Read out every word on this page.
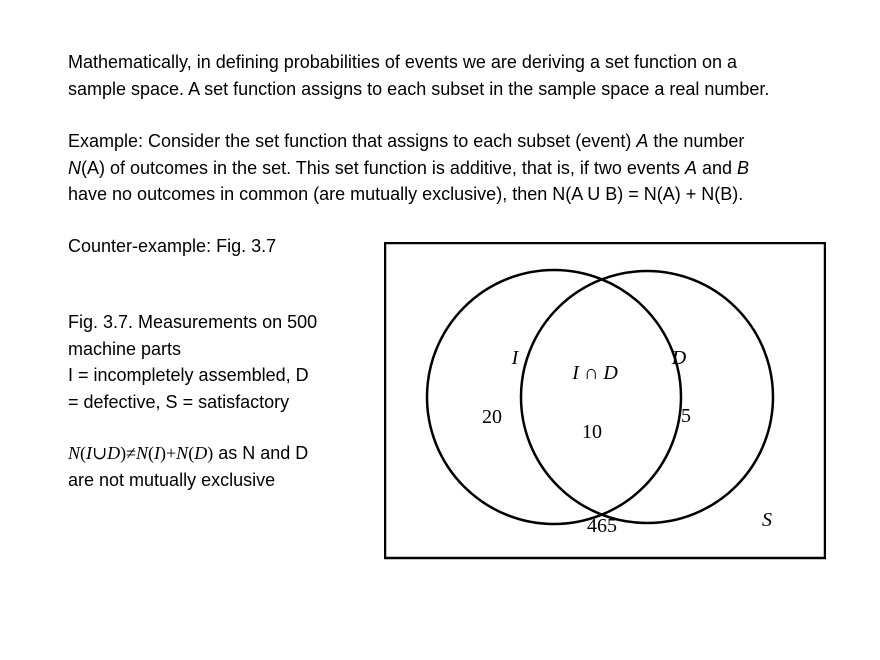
Mathematically, in defining probabilities of events we are deriving a set function on a
sample space. A set function assigns to each subset in the sample space a real number.

Example: Consider the set function that assigns to each subset (event) A the number
N(A) of outcomes in the set. This set function is additive, that is, if two events A and B
have no outcomes in common (are mutually exclusive), then N(A U B) = N(A) + N(B).

Counter-example: Fig. 3.7

Fig. 3.7. Measurements on 500
machine parts
I = incompletely assembled, D
= defective, S = satisfactory

N(I∪D)≠N(I)+N(D) as N and D
are not mutually exclusive

I
I ∩ D
D
20
10
5
465	S
